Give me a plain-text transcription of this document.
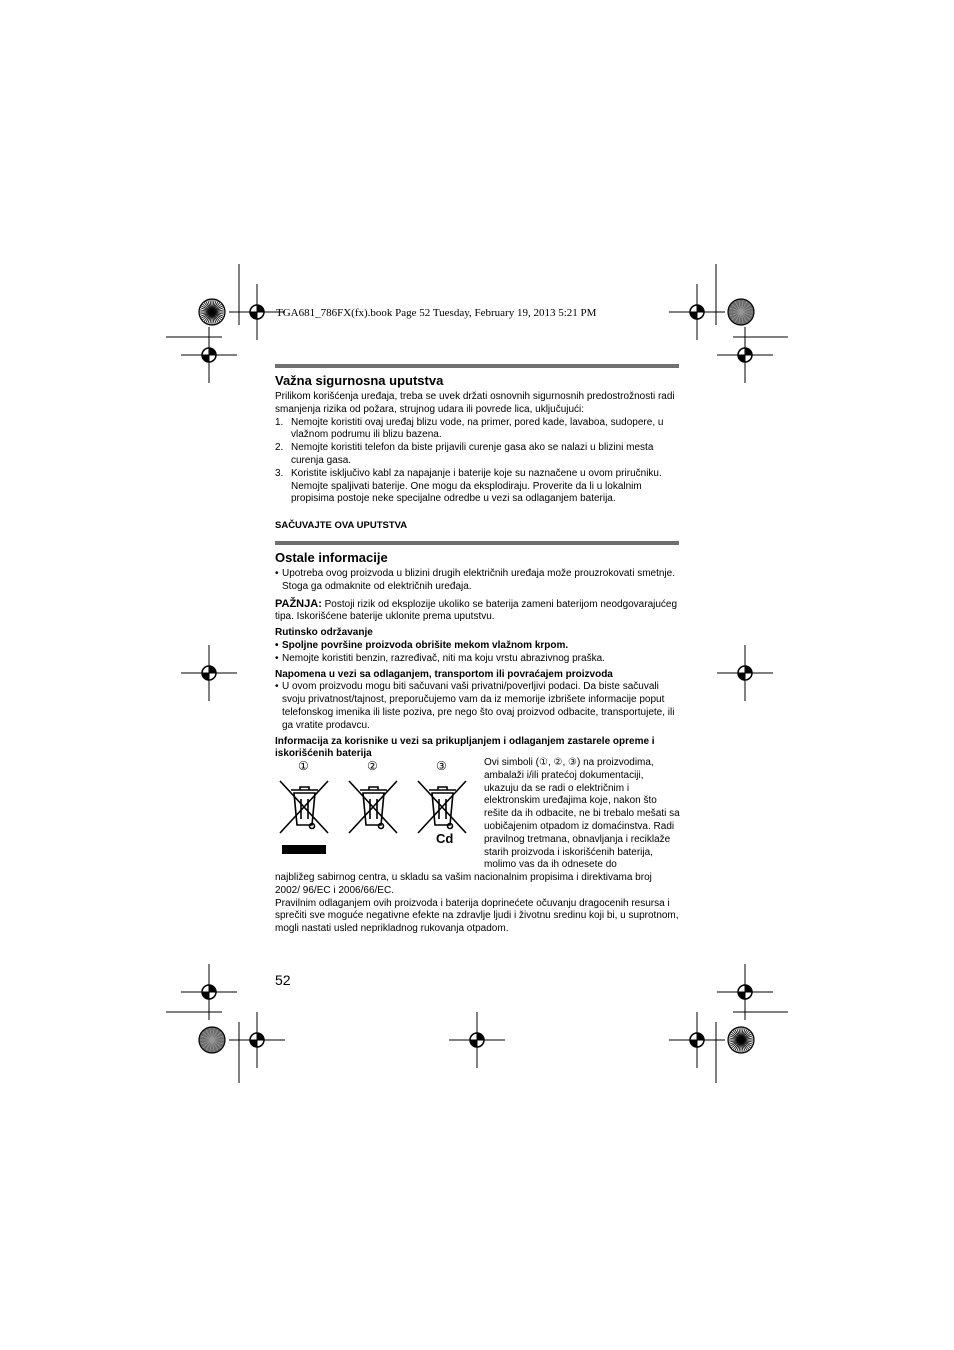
TGA681_786FX(fx).book Page 52 Tuesday, February 19, 2013 5:21 PM
Važna sigurnosna uputstva

Prilikom korišćenja uređaja, treba se uvek držati osnovnih sigurnosnih predostrožnosti radi smanjenja rizika od požara, strujnog udara ili povrede lica, uključujući:

1. Nemojte koristiti ovaj uređaj blizu vode, na primer, pored kade, lavaboa, sudopere, u vlažnom podrumu ili blizu bazena.
2. Nemojte koristiti telefon da biste prijavili curenje gasa ako se nalazi u blizini mesta curenja gasa.
3. Koristite isključivo kabl za napajanje i baterije koje su naznačene u ovom priručniku. Nemojte spaljivati baterije. One mogu da eksplodiraju. Proverite da li u lokalnim propisima postoje neke specijalne odredbe u vezi sa odlaganjem baterija.
SAČUVAJTE OVA UPUTSTVA
Ostale informacije
• Upotreba ovog proizvoda u blizini drugih električnih uređaja može prouzrokovati smetnje. Stoga ga odmaknite od električnih uređaja.

PAŽNJA: Postoji rizik od eksplozije ukoliko se baterija zameni baterijom neodgovarajućeg tipa. Iskorišćene baterije uklonite prema uputstvu.

Rutinsko održavanje

• Spoljne površine proizvoda obrišite mekom vlažnom krpom.
• Nemojte koristiti benzin, razređivač, niti ma koju vrstu abrazivnog praška.

Napomena u vezi sa odlaganjem, transportom ili povraćajem proizvoda

• U ovom proizvodu mogu biti sačuvani vaši privatni/poverljivi podaci. Da biste sačuvali svoju privatnost/tajnost, preporučujemo vam da iz memorije izbrišete informacije poput telefonskog imenika ili liste poziva, pre nego što ovaj proizvod odbacite, transportujete, ili ga vratite prodavcu.

Informacija za korisnike u vezi sa prikupljanjem i odlaganjem zastarele opreme i iskorišćenih baterija

①	②	③
Cd
Ovi simboli (①, ②, ③) na proizvodima, ambalaži i/ili pratećoj dokumentaciji, ukazuju da se radi o električnim i elektronskim uređajima koje, nakon što rešite da ih odbacite, ne bi trebalo mešati sa uobičajenim otpadom iz domaćinstva. Radi pravilnog tretmana, obnavljanja i reciklaže starih proizvoda i iskorišćenih baterija, molimo vas da ih odnesete do

najbližeg sabirnog centra, u skladu sa vašim nacionalnim propisima i direktivama broj 2002/ 96/EC i 2006/66/EC.

Pravilnim odlaganjem ovih proizvoda i baterija doprinećete očuvanju dragocenih resursa i sprečiti sve moguće negativne efekte na zdravlje ljudi i životnu sredinu koji bi, u suprotnom, mogli nastati usled neprikladnog rukovanja otpadom.

52
